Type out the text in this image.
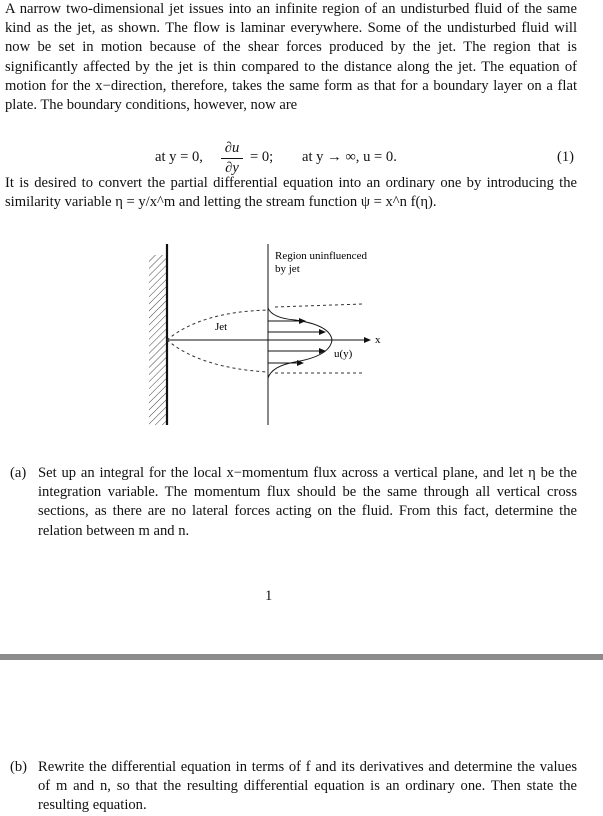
A narrow two-dimensional jet issues into an infinite region of an undisturbed fluid of the same kind as the jet, as shown. The flow is laminar everywhere. Some of the undisturbed fluid will now be set in motion because of the shear forces produced by the jet. The region that is significantly affected by the jet is thin compared to the distance along the jet. The equation of motion for the x−direction, therefore, takes the same form as that for a boundary layer on a flat plate. The boundary conditions, however, now are
at y = 0,
∂u
∂y
= 0; at y → ∞, u = 0.	(1)
It is desired to convert the partial differential equation into an ordinary one by introducing the similarity variable η = y/x^m and letting the stream function ψ = x^n f(η).
Region uninfluenced
by jet
Jet
x
u(y)
(a) Set up an integral for the local x−momentum flux across a vertical plane, and let η be the integration variable. The momentum flux should be the same through all vertical cross sections, as there are no lateral forces acting on the fluid. From this fact, determine the relation between m and n.
1
(b) Rewrite the differential equation in terms of f and its derivatives and determine the values of m and n, so that the resulting differential equation is an ordinary one. Then state the resulting equation.
